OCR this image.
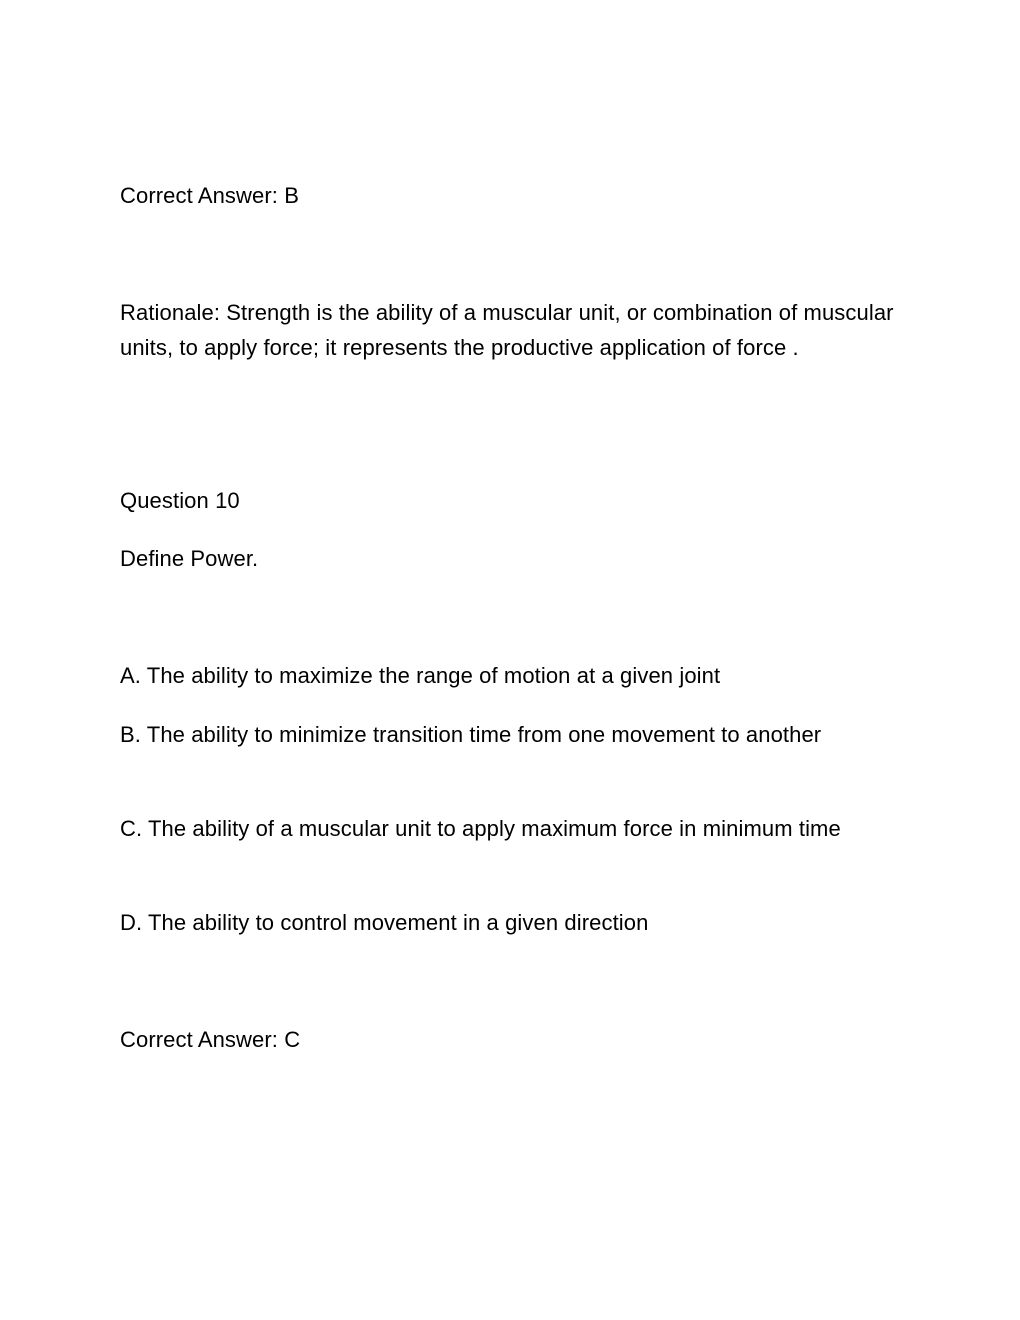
Correct Answer: B

Rationale: Strength is the ability of a muscular unit, or combination of muscular units, to apply force; it represents the productive application of force .

Question 10

Define Power.

A. The ability to maximize the range of motion at a given joint

B. The ability to minimize transition time from one movement to another

C. The ability of a muscular unit to apply maximum force in minimum time

D. The ability to control movement in a given direction

Correct Answer: C
